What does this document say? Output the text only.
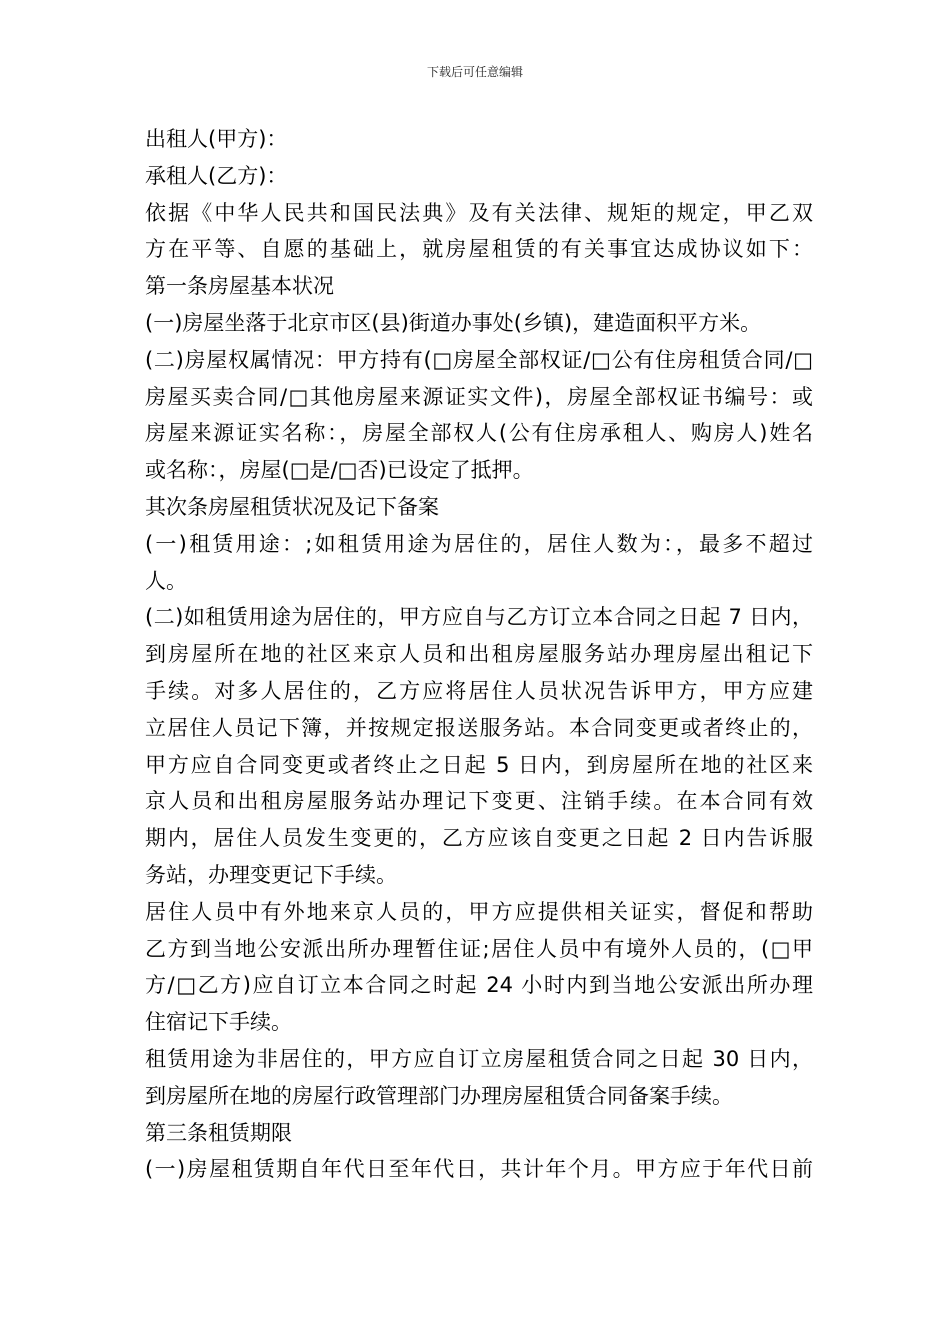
下载后可任意编辑
出租人(甲方)：
承租人(乙方)：
依据《中华人民共和国民法典》及有关法律、规矩的规定，甲乙双
方在平等、自愿的基础上，就房屋租赁的有关事宜达成协议如下：
第一条房屋基本状况
(一)房屋坐落于北京市区(县)街道办事处(乡镇)，建造面积平方米。
(二)房屋权属情况：甲方持有(□房屋全部权证/□公有住房租赁合同/□
房屋买卖合同/□其他房屋来源证实文件)，房屋全部权证书编号：或
房屋来源证实名称：，房屋全部权人(公有住房承租人、购房人)姓名
或名称：，房屋(□是/□否)已设定了抵押。
其次条房屋租赁状况及记下备案
(一)租赁用途：;如租赁用途为居住的，居住人数为：，最多不超过
人。
(二)如租赁用途为居住的，甲方应自与乙方订立本合同之日起 7 日内，
到房屋所在地的社区来京人员和出租房屋服务站办理房屋出租记下
手续。对多人居住的，乙方应将居住人员状况告诉甲方，甲方应建
立居住人员记下簿，并按规定报送服务站。本合同变更或者终止的，
甲方应自合同变更或者终止之日起 5 日内，到房屋所在地的社区来
京人员和出租房屋服务站办理记下变更、注销手续。在本合同有效
期内，居住人员发生变更的，乙方应该自变更之日起 2 日内告诉服
务站，办理变更记下手续。
居住人员中有外地来京人员的，甲方应提供相关证实，督促和帮助
乙方到当地公安派出所办理暂住证;居住人员中有境外人员的，(□甲
方/□乙方)应自订立本合同之时起 24 小时内到当地公安派出所办理
住宿记下手续。
租赁用途为非居住的，甲方应自订立房屋租赁合同之日起 30 日内，
到房屋所在地的房屋行政管理部门办理房屋租赁合同备案手续。
第三条租赁期限
(一)房屋租赁期自年代日至年代日，共计年个月。甲方应于年代日前
